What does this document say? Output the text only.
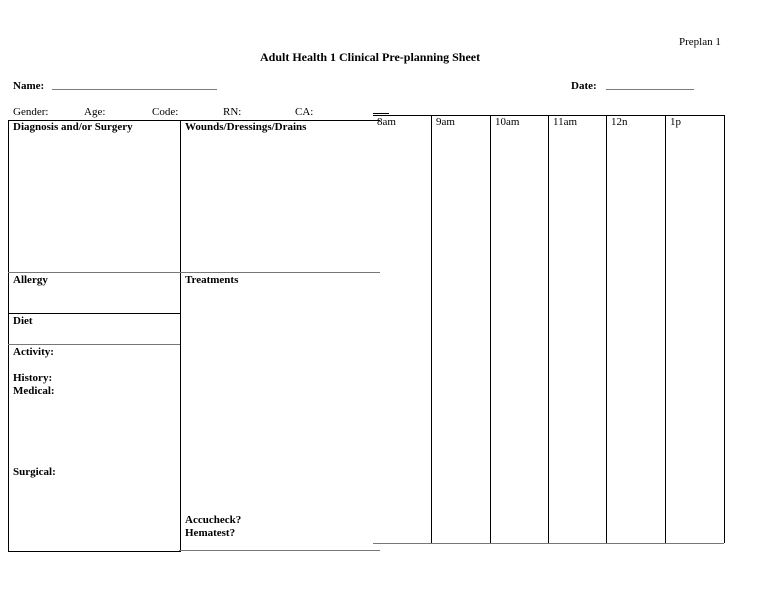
Preplan 1
Adult Health 1 Clinical Pre-planning Sheet
Name: ______________________________	Date: ________________
Gender:	Age:	Code:	RN:	CA:
Diagnosis and/or Surgery	Wounds/Dressings/Drains
Allergy	Treatments
Diet
Activity:
History:
Medical:
Surgical:
Accucheck?
Hematest?
8am	9am	10am	11am	12n	1p
